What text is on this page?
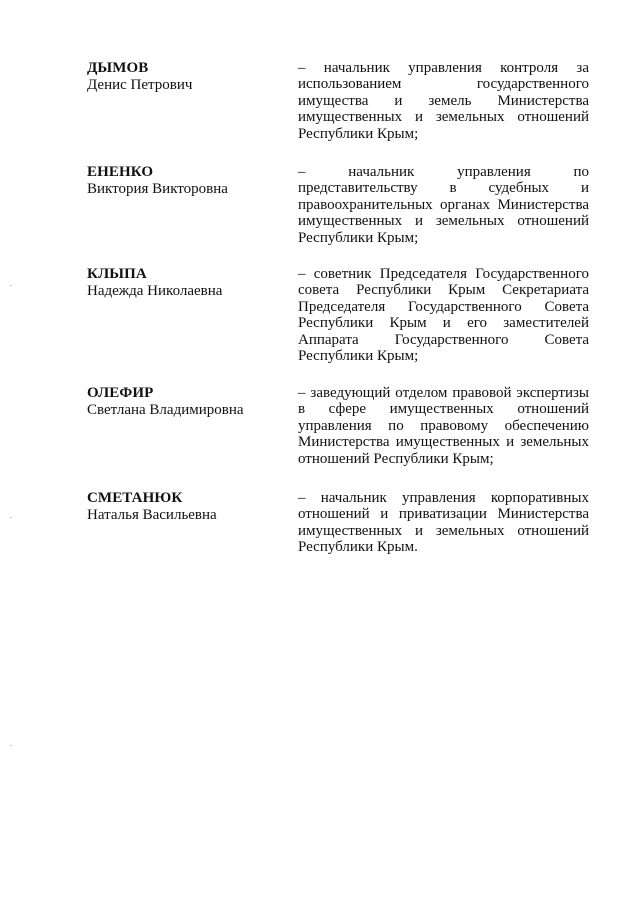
ДЫМОВ
Денис Петрович
– начальник управления контроля за использованием государственного имущества и земель Министерства имущественных и земельных отношений Республики Крым;
ЕНЕНКО
Виктория Викторовна
– начальник управления по представительству в судебных и правоохранительных органах Министерства имущественных и земельных отношений Республики Крым;
КЛЫПА
Надежда Николаевна
– советник Председателя Государственного совета Республики Крым Секретариата Председателя Государственного Совета Республики Крым и его заместителей Аппарата Государственного Совета Республики Крым;
ОЛЕФИР
Светлана Владимировна
– заведующий отделом правовой экспертизы в сфере имущественных отношений управления по правовому обеспечению Министерства имущественных и земельных отношений Республики Крым;
СМЕТАНЮК
Наталья Васильевна
– начальник управления корпоративных отношений и приватизации Министерства имущественных и земельных отношений Республики Крым.
